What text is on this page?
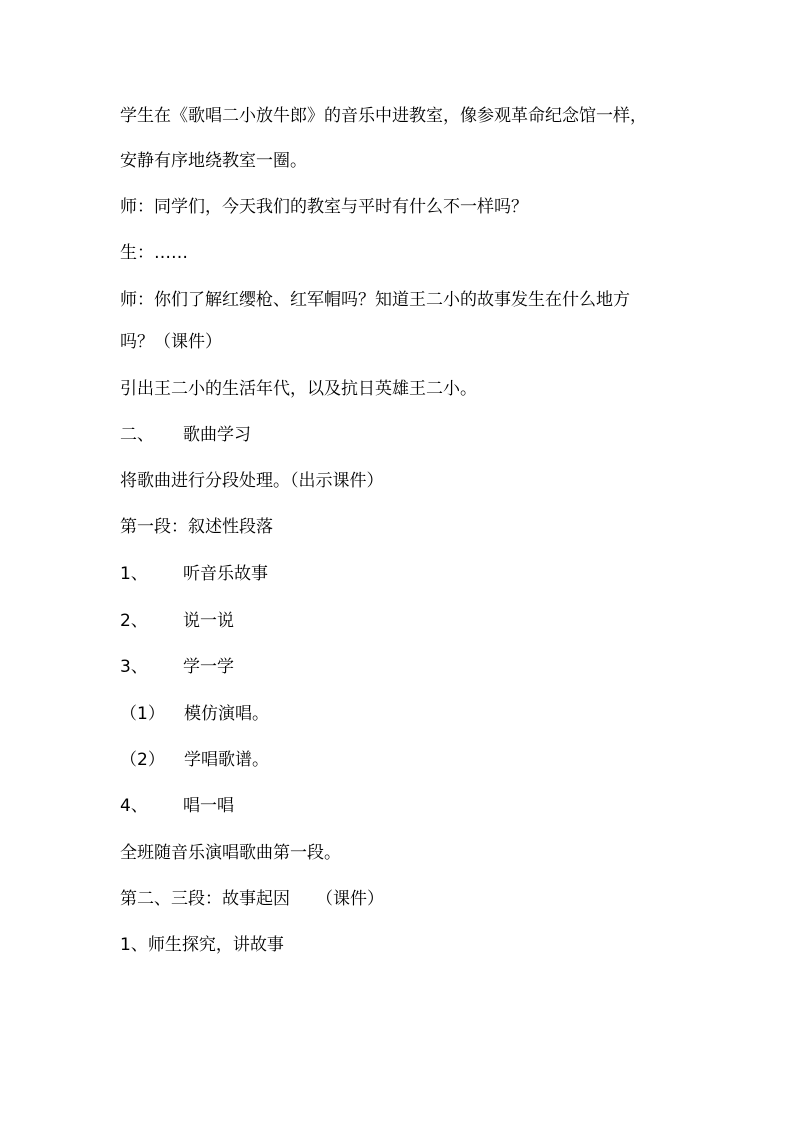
学生在《歌唱二小放牛郎》的音乐中进教室，像参观革命纪念馆一样，
安静有序地绕教室一圈。
师：同学们，今天我们的教室与平时有什么不一样吗？
生：……
师：你们了解红缨枪、红军帽吗？知道王二小的故事发生在什么地方
吗？（课件）
引出王二小的生活年代，以及抗日英雄王二小。
二、 歌曲学习
将歌曲进行分段处理。（出示课件）
第一段：叙述性段落
1、 听音乐故事
2、 说一说
3、 学一学
（1） 模仿演唱。
（2） 学唱歌谱。
4、 唱一唱
全班随音乐演唱歌曲第一段。
第二、三段：故事起因 （课件）
1、师生探究，讲故事
